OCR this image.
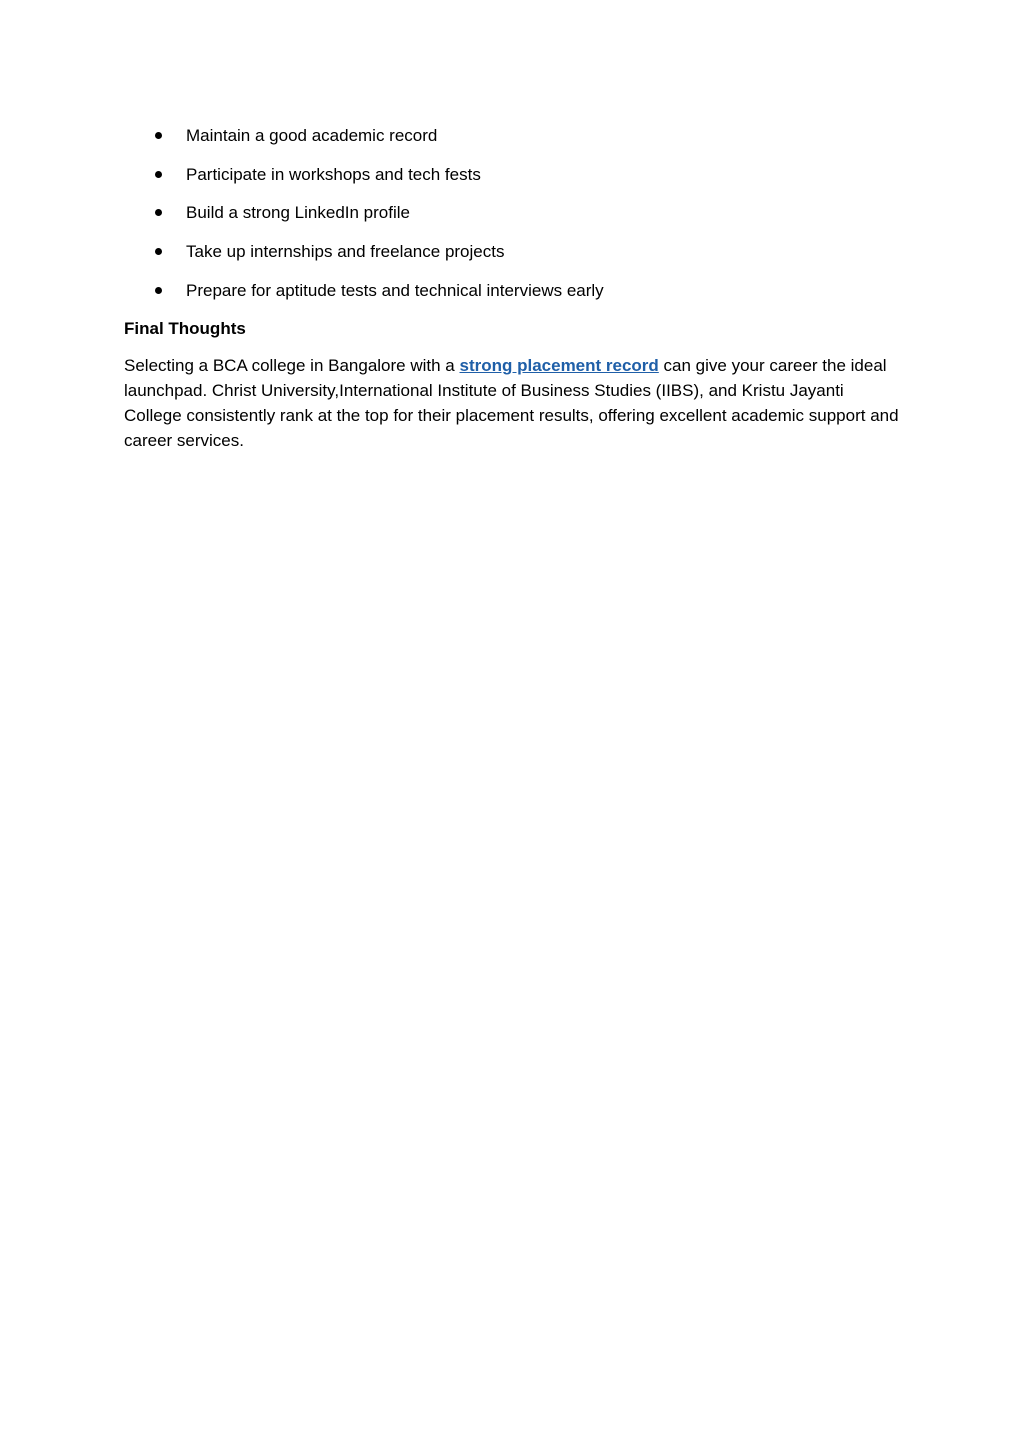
Maintain a good academic record
Participate in workshops and tech fests
Build a strong LinkedIn profile
Take up internships and freelance projects
Prepare for aptitude tests and technical interviews early
Final Thoughts

Selecting a BCA college in Bangalore with a strong placement record can give your career the ideal launchpad. Christ University,International Institute of Business Studies (IIBS), and Kristu Jayanti College consistently rank at the top for their placement results, offering excellent academic support and career services.
